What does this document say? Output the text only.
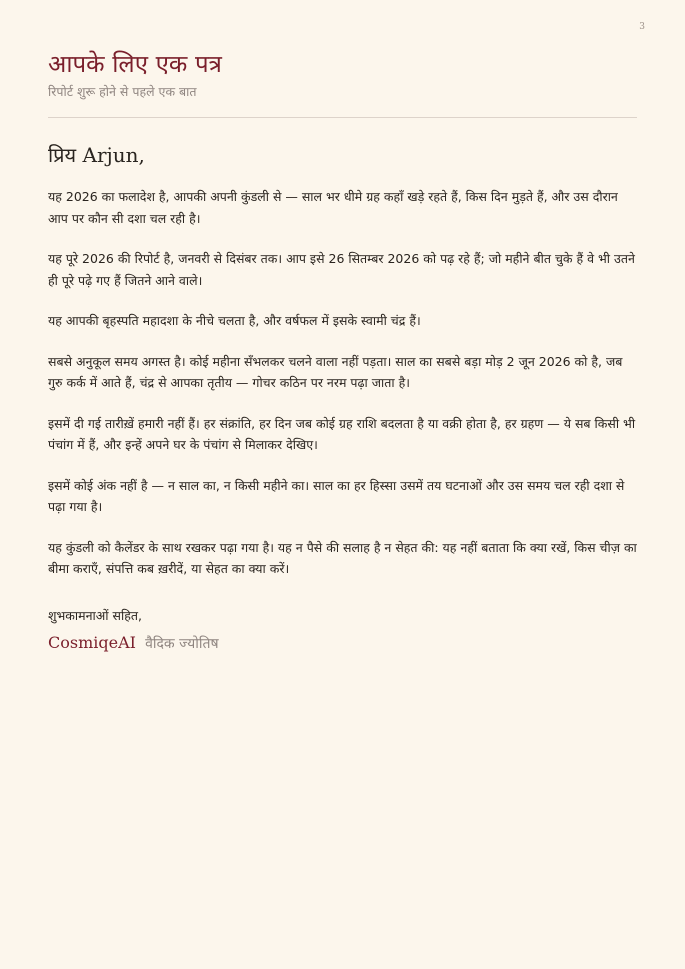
3
आपके लिए एक पत्र
रिपोर्ट शुरू होने से पहले एक बात
प्रिय Arjun,

यह 2026 का फलादेश है, आपकी अपनी कुंडली से — साल भर धीमे ग्रह कहाँ खड़े रहते हैं, किस दिन मुड़ते हैं, और उस दौरान आप पर कौन सी दशा चल रही है।

यह पूरे 2026 की रिपोर्ट है, जनवरी से दिसंबर तक। आप इसे 26 सितम्बर 2026 को पढ़ रहे हैं; जो महीने बीत चुके हैं वे भी उतने ही पूरे पढ़े गए हैं जितने आने वाले।

यह आपकी बृहस्पति महादशा के नीचे चलता है, और वर्षफल में इसके स्वामी चंद्र हैं।

सबसे अनुकूल समय अगस्त है। कोई महीना सँभलकर चलने वाला नहीं पड़ता। साल का सबसे बड़ा मोड़ 2 जून 2026 को है, जब गुरु कर्क में आते हैं, चंद्र से आपका तृतीय — गोचर कठिन पर नरम पढ़ा जाता है।

इसमें दी गई तारीख़ें हमारी नहीं हैं। हर संक्रांति, हर दिन जब कोई ग्रह राशि बदलता है या वक्री होता है, हर ग्रहण — ये सब किसी भी पंचांग में हैं, और इन्हें अपने घर के पंचांग से मिलाकर देखिए।

इसमें कोई अंक नहीं है — न साल का, न किसी महीने का। साल का हर हिस्सा उसमें तय घटनाओं और उस समय चल रही दशा से पढ़ा गया है।

यह कुंडली को कैलेंडर के साथ रखकर पढ़ा गया है। यह न पैसे की सलाह है न सेहत की: यह नहीं बताता कि क्या रखें, किस चीज़ का बीमा कराएँ, संपत्ति कब ख़रीदें, या सेहत का क्या करें।

शुभकामनाओं सहित,
CosmiqeAI वैदिक ज्योतिष
